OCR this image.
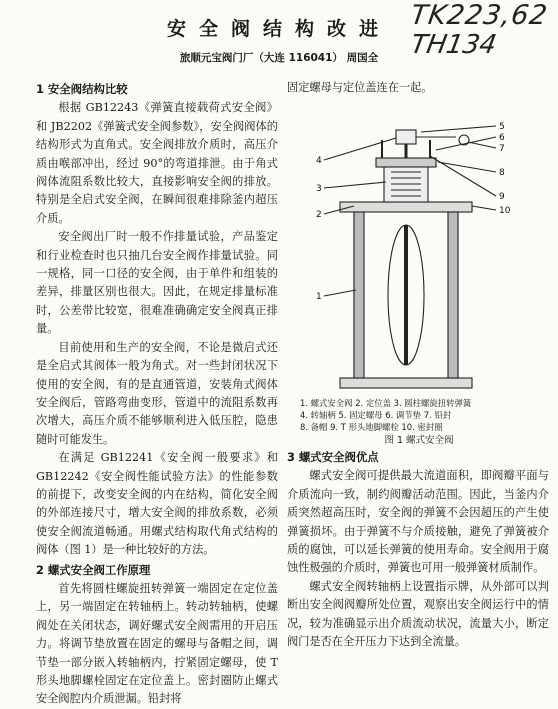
安全阀结构改进 TK223,62
TH134
旅顺元宝阀门厂（大连 116041） 周国全
1 安全阀结构比较
根据 GB12243《弹簧直接载荷式安全阀》和 JB2202《弹簧式安全阀参数》，安全阀阀体的结构形式为直角式。安全阀排放介质时，高压介质由喉部冲出，经过 90°的弯道排泄。由于角式阀体流阻系数比较大，直接影响安全阀的排放。特别是全启式安全阀，在瞬间很难排除釜内超压介质。
安全阀出厂时一般不作排量试验，产品鉴定和行业检查时也只抽几台安全阀作排量试验。同一规格，同一口径的安全阀，由于单件和组装的差异，排量区别也很大。因此，在规定排量标准时，公差带比较宽，很难准确确定安全阀真正排量。
目前使用和生产的安全阀，不论是微启式还是全启式其阀体一般为角式。对一些封闭状况下使用的安全阀，有的是直通管道，安装角式阀体安全阀后，管路弯曲变形，管道中的流阻系数再次增大，高压介质不能够顺利进入低压腔，隐患随时可能发生。
在满足 GB12241《安全阀一般要求》和 GB12242《安全阀性能试验方法》的性能参数的前提下，改变安全阀的内在结构，简化安全阀的外部连接尺寸，增大安全阀的排放系数，必须使安全阀流道畅通。用螺式结构取代角式结构的阀体（图 1）是一种比较好的方法。
2 螺式安全阀工作原理
首先将圆柱螺旋扭转弹簧一端固定在定位盖上，另一端固定在转轴柄上。转动转轴柄，使螺阀处在关闭状态，调好螺式安全阀需用的开启压力。将调节垫放置在固定的螺母与备帽之间，调节垫一部分嵌入转轴柄内，拧紧固定螺母，使 T 形头地脚螺栓固定在定位盖上。密封圈防止螺式安全阀腔内介质泄漏。铅封将
固定螺母与定位盖连在一起。
1
2
3
4
5
6
7
8
9
10
1. 螺式安全阀 2. 定位盖 3. 圆柱螺旋扭转弹簧
4. 转轴柄 5. 固定螺母 6. 调节垫 7. 铅封
8. 备帽 9. T 形头地脚螺栓 10. 密封圈
图 1 螺式安全阀
3 螺式安全阀优点
螺式安全阀可提供最大流道面积，即阀瓣平面与介质流向一致，制约阀瓣活动范围。因此，当釜内介质突然超高压时，安全阀的弹簧不会因超压的产生使弹簧损坏。由于弹簧不与介质接触，避免了弹簧被介质的腐蚀，可以延长弹簧的使用寿命。安全阀用于腐蚀性极强的介质时，弹簧也可用一般弹簧材质制作。
螺式安全阀转轴柄上设置指示牌，从外部可以判断出安全阀阀瓣所处位置，观察出安全阀运行中的情况，较为准确显示出介质流动状况，流量大小，断定阀门是否在全开压力下达到全流量。
